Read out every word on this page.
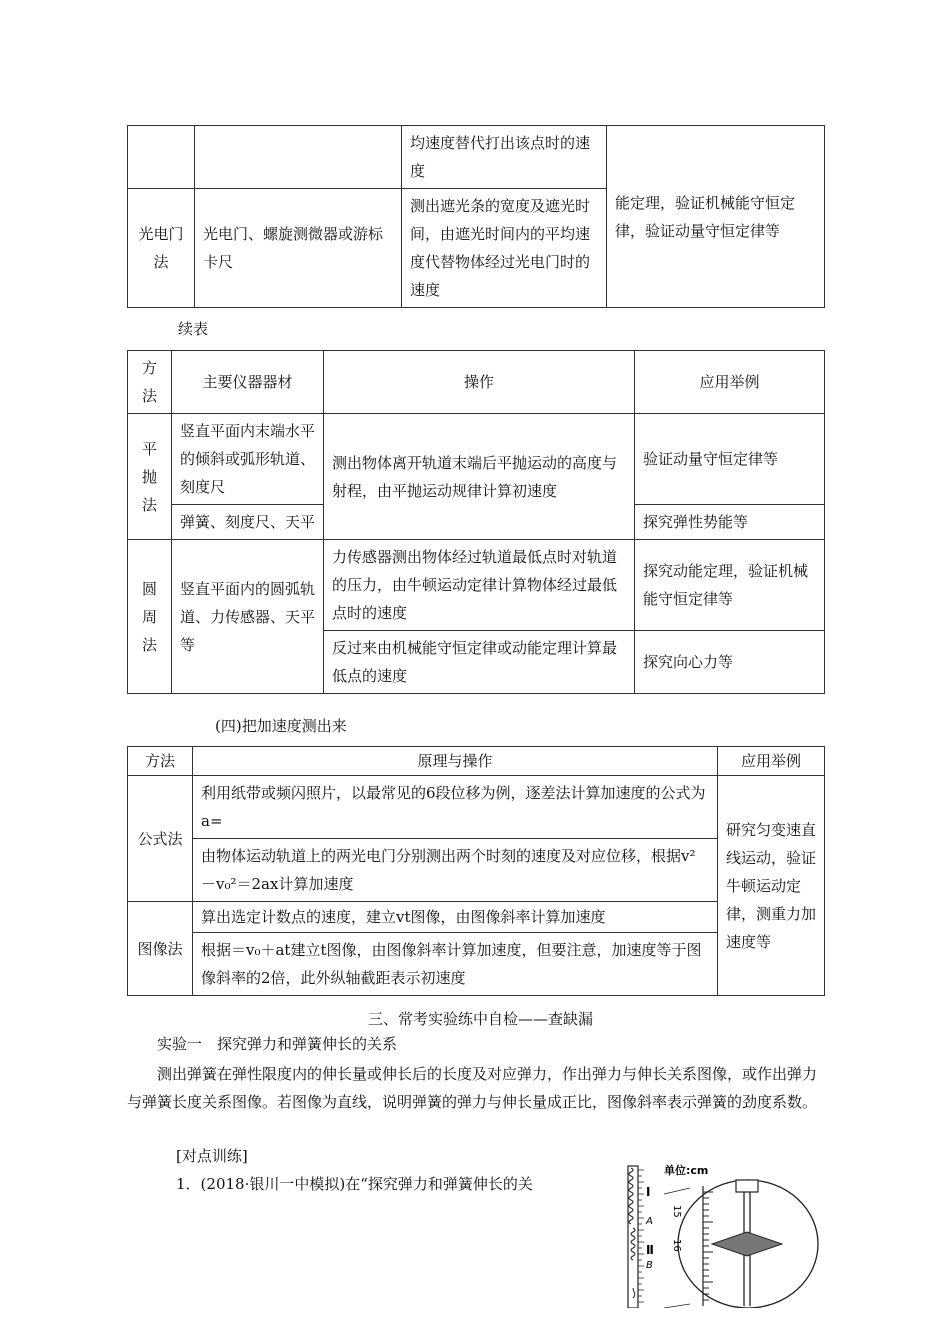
		均速度替代打出该点时的速度	能定理，验证机械能守恒定律，验证动量守恒定律等
光电门法	光电门、螺旋测微器或游标卡尺	测出遮光条的宽度及遮光时间，由遮光时间内的平均速度代替物体经过光电门时的速度	
续表
方法	主要仪器器材	操作	应用举例
平抛法	竖直平面内末端水平的倾斜或弧形轨道、刻度尺	测出物体离开轨道末端后平抛运动的高度与射程，由平抛运动规律计算初速度	验证动量守恒定律等
	弹簧、刻度尺、天平		探究弹性势能等
圆周法	竖直平面内的圆弧轨道、力传感器、天平等	力传感器测出物体经过轨道最低点时对轨道的压力，由牛顿运动定律计算物体经过最低点时的速度	探究动能定理，验证机械能守恒定律等
		反过来由机械能守恒定律或动能定理计算最低点的速度	探究向心力等
(四)把加速度测出来
方法	原理与操作	应用举例
公式法	利用纸带或频闪照片，以最常见的6段位移为例，逐差法计算加速度的公式为a=	研究匀变速直线运动，验证牛顿运动定律，测重力加速度等
	由物体运动轨道上的两光电门分别测出两个时刻的速度及对应位移，根据v²－v₀²＝2ax计算加速度	
图像法	算出选定计数点的速度，建立vt图像，由图像斜率计算加速度	
	根据＝v₀＋at建立t图像，由图像斜率计算加速度，但要注意，加速度等于图像斜率的2倍，此外纵轴截距表示初速度	
三、常考实验练中自检——查缺漏
实验一　探究弹力和弹簧伸长的关系
测出弹簧在弹性限度内的伸长量或伸长后的长度及对应弹力，作出弹力与伸长关系图像，或作出弹力与弹簧长度关系图像。若图像为直线，说明弹簧的弹力与伸长量成正比，图像斜率表示弹簧的劲度系数。
[对点训练]
1．(2018·银川一中模拟)在“探究弹力和弹簧伸长的关
单位:cm
Ⅰ
A
Ⅱ
B
15
16
